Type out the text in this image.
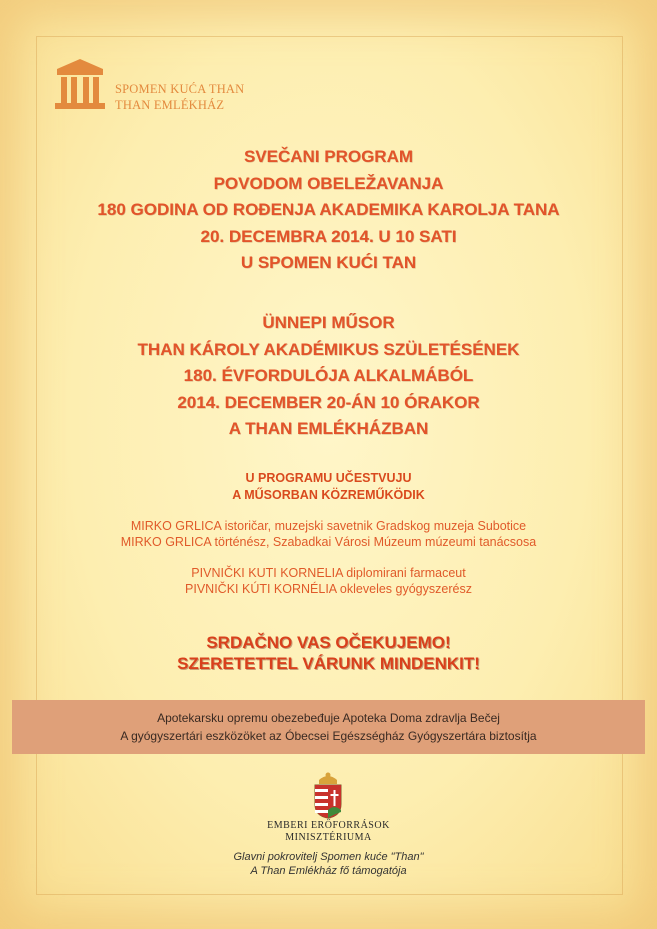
SPOMEN KUĆA THAN
THAN EMLÉKHÁZ
SVEČANI PROGRAM
POVODOM OBELEŽAVANJA
180 GODINA OD ROĐENJA AKADEMIKA KAROLJA TANA
20. DECEMBRA 2014. U 10 SATI
U SPOMEN KUĆI TAN
ÜNNEPI MŰSOR
THAN KÁROLY AKADÉMIKUS SZÜLETÉSÉNEK
180. ÉVFORDULÓJA ALKALMÁBÓL
2014. DECEMBER 20-ÁN 10 ÓRAKOR
A THAN EMLÉKHÁZBAN
U PROGRAMU UČESTVUJU
A MŰSORBAN KÖZREMŰKÖDIK
MIRKO GRLICA istoričar, muzejski savetnik Gradskog muzeja Subotice
MIRKO GRLICA történész, Szabadkai Városi Múzeum múzeumi tanácsosa
PIVNIČKI KUTI KORNELIA diplomirani farmaceut
PIVNIČKI KÚTI KORNÉLIA okleveles gyógyszerész
SRDAČNO VAS OČEKUJEMO!
SZERETETTEL VÁRUNK MINDENKIT!
Apotekarsku opremu obezebeđuje Apoteka Doma zdravlja Bečej
A gyógyszertári eszközöket az Óbecsei Egészségház Gyógyszertára biztosítja
EMBERI ERŐFORRÁSOK
MINISZTÉRIUMA
Glavni pokrovitelj Spomen kuće "Than"
A Than Emlékház fő támogatója
